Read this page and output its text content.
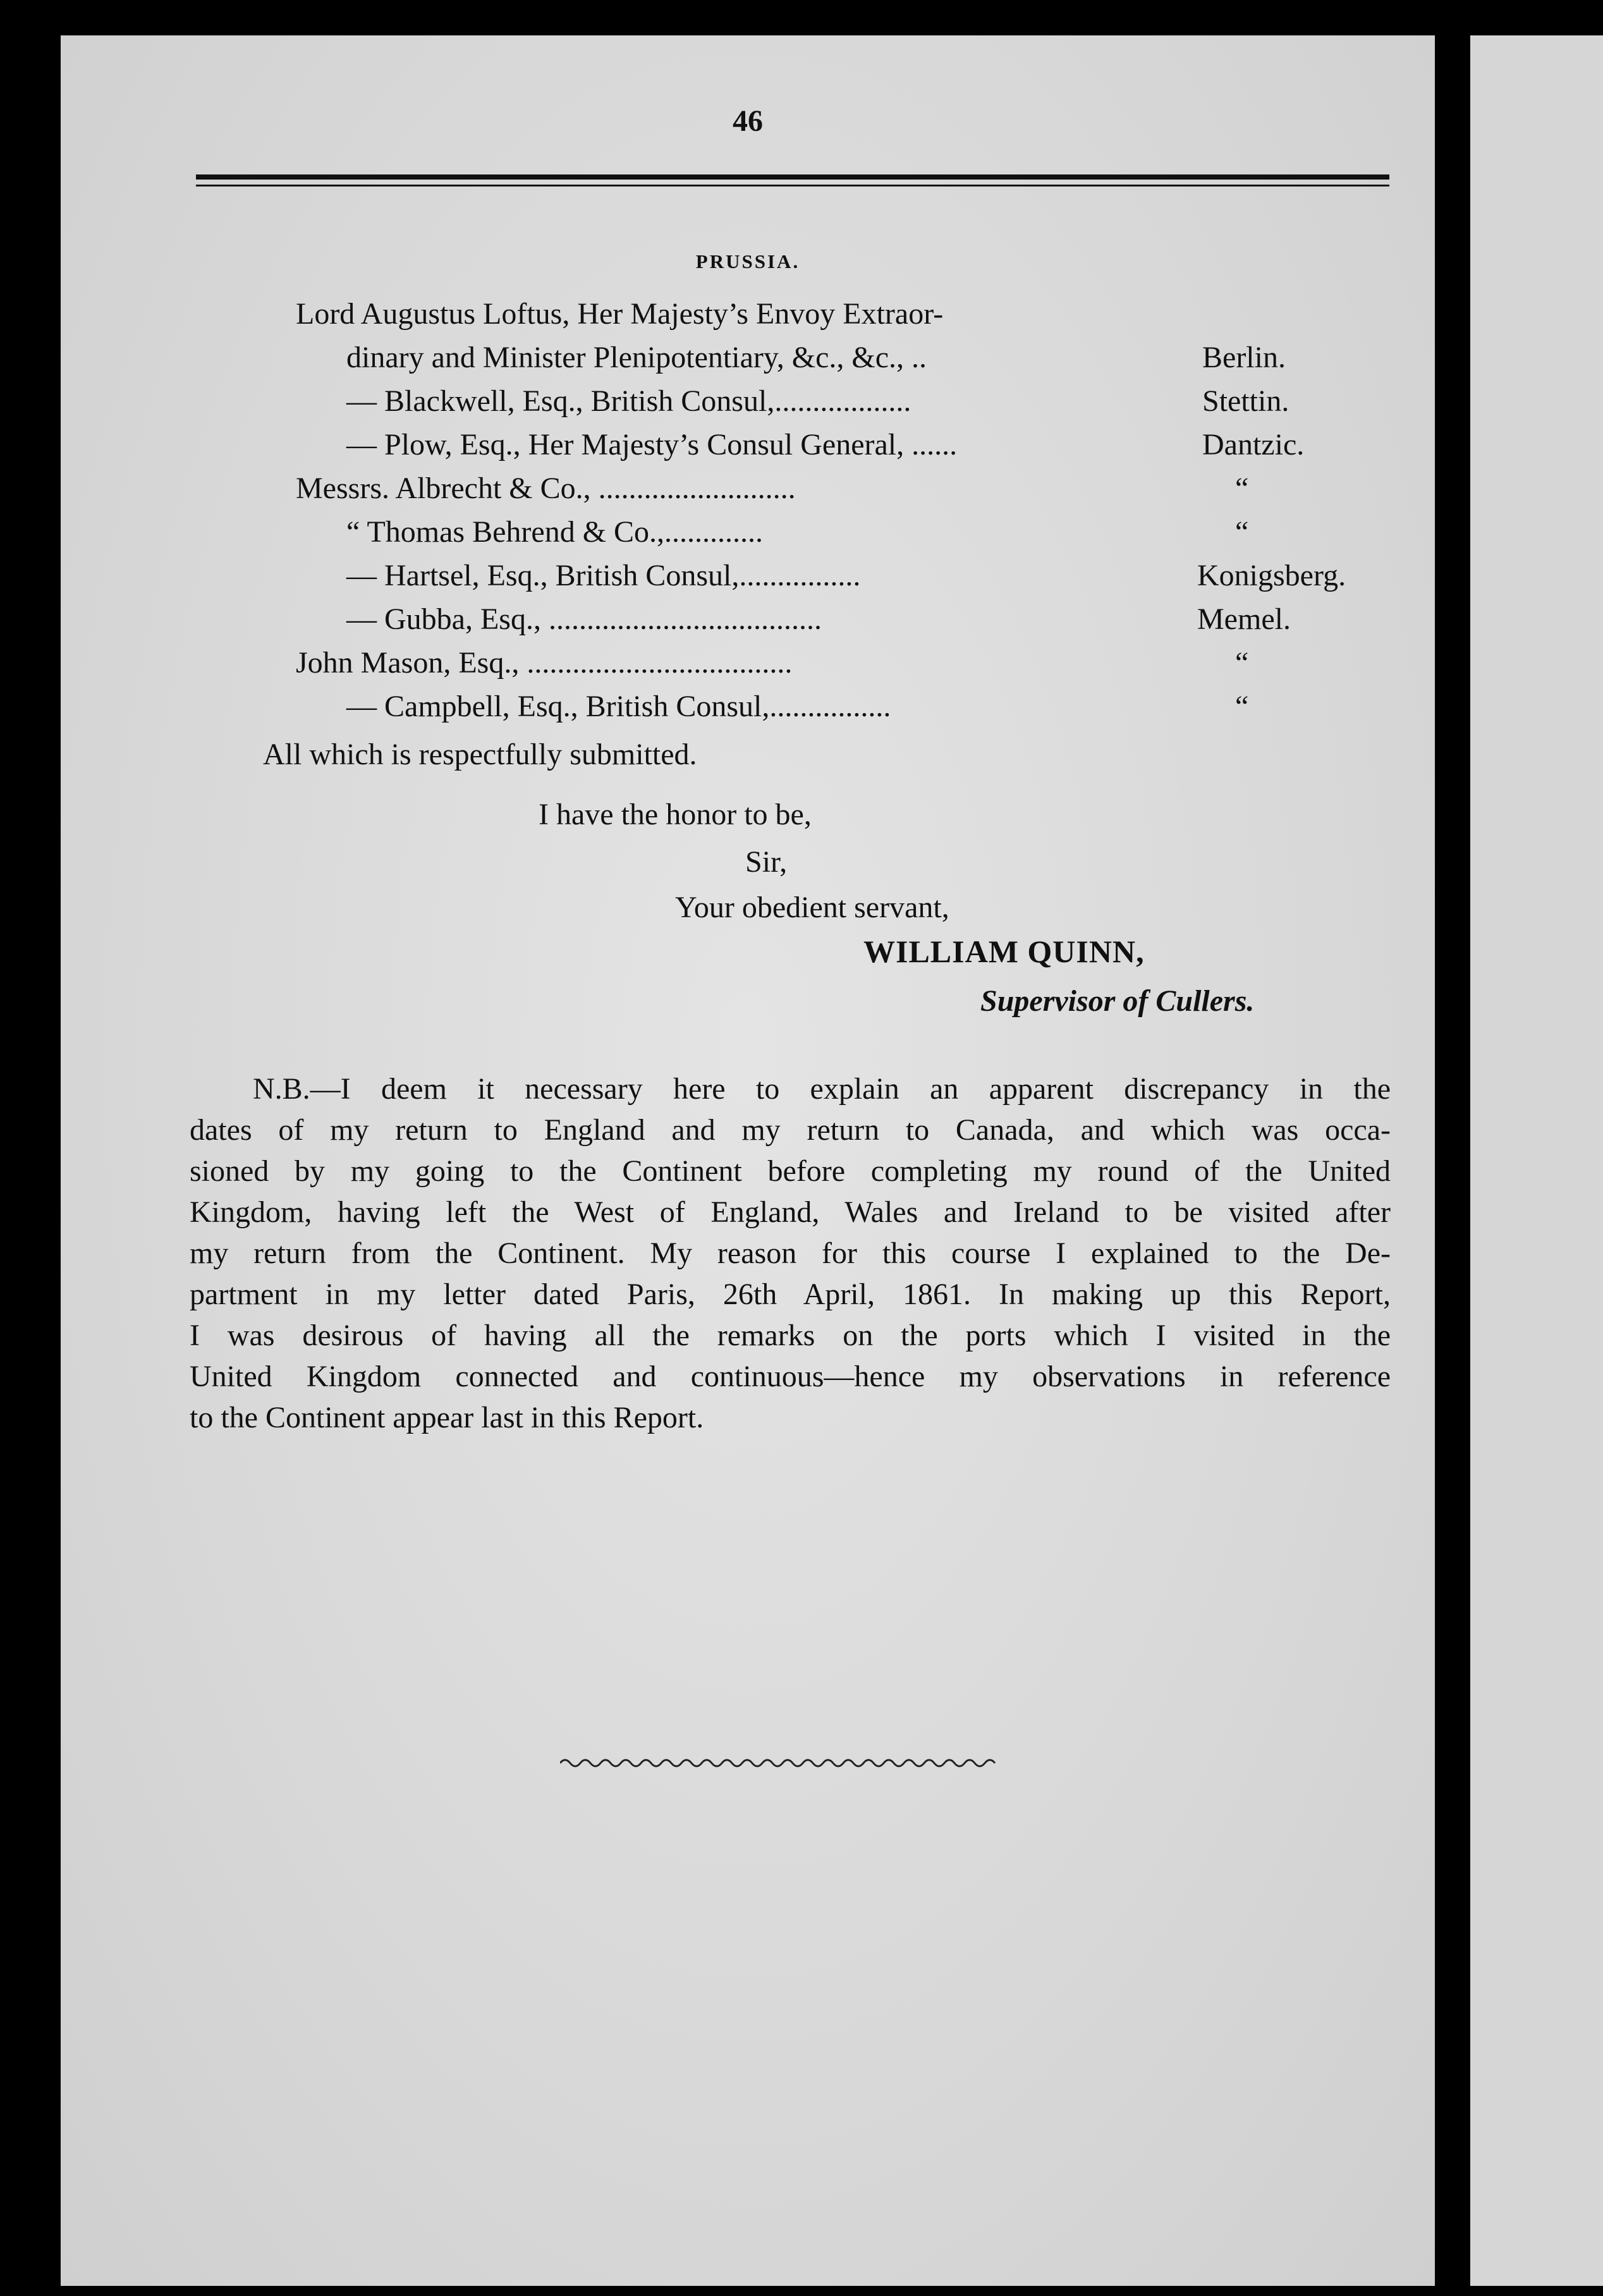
46
PRUSSIA.
Lord Augustus Loftus, Her Majesty’s Envoy Extraor-
dinary and Minister Plenipotentiary, &c., &c., ..	Berlin.
— Blackwell, Esq., British Consul,..................	Stettin.
— Plow, Esq., Her Majesty’s Consul General, ......	Dantzic.
Messrs. Albrecht & Co., ..........................	“
“ Thomas Behrend & Co.,.............	“
— Hartsel, Esq., British Consul,................	Konigsberg.
— Gubba, Esq., ....................................	Memel.
John Mason, Esq., ...................................	“
— Campbell, Esq., British Consul,................	“
All which is respectfully submitted.
I have the honor to be,
Sir,
Your obedient servant,
WILLIAM QUINN,
Supervisor of Cullers.
N.B.—I deem it necessary here to explain an apparent discrepancy in the
dates of my return to England and my return to Canada, and which was occa-
sioned by my going to the Continent before completing my round of the United
Kingdom, having left the West of England, Wales and Ireland to be visited after
my return from the Continent. My reason for this course I explained to the De-
partment in my letter dated Paris, 26th April, 1861. In making up this Report,
I was desirous of having all the remarks on the ports which I visited in the
United Kingdom connected and continuous—hence my observations in reference
to the Continent appear last in this Report.
